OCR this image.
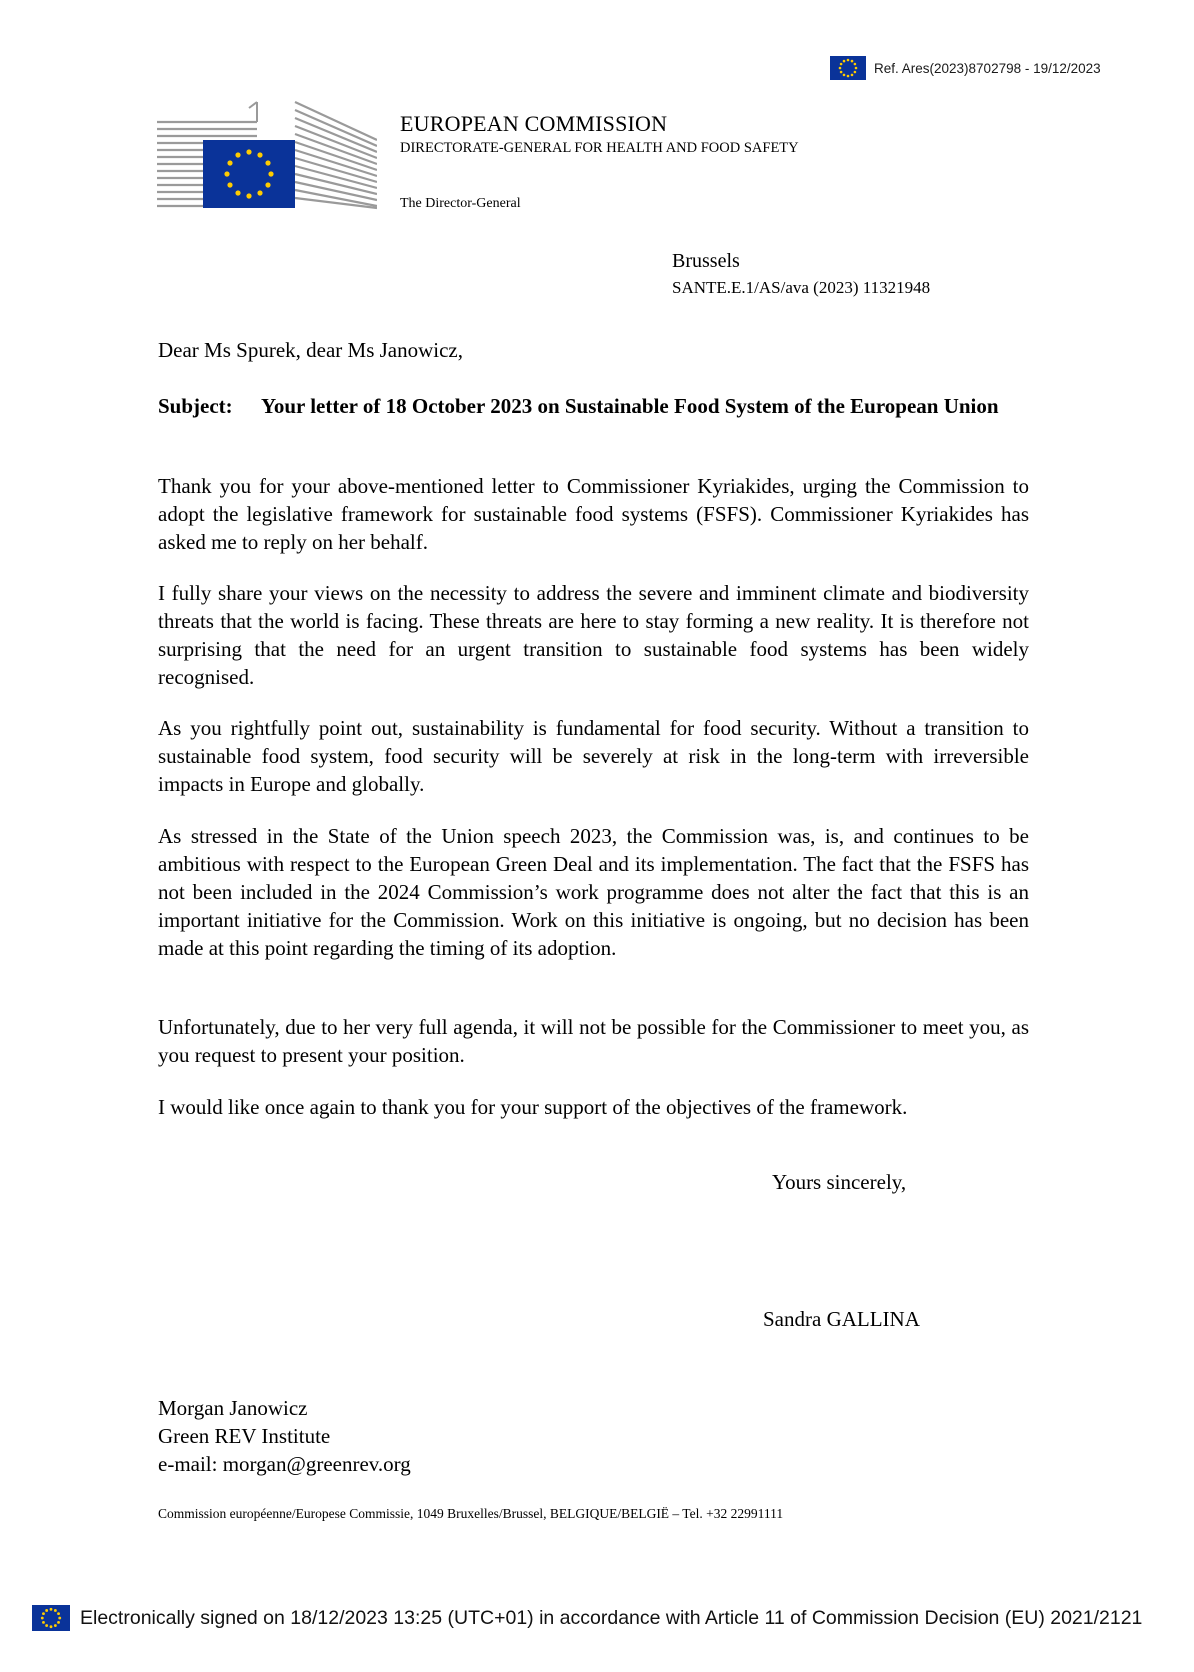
Ref. Ares(2023)8702798 - 19/12/2023
EUROPEAN COMMISSION
DIRECTORATE-GENERAL FOR HEALTH AND FOOD SAFETY
The Director-General
Brussels
SANTE.E.1/AS/ava (2023) 11321948
Dear Ms Spurek, dear Ms Janowicz,
Subject:	Your letter of 18 October 2023 on Sustainable Food System of the European Union
Thank you for your above-mentioned letter to Commissioner Kyriakides, urging the Commission to adopt the legislative framework for sustainable food systems (FSFS). Commissioner Kyriakides has asked me to reply on her behalf.
I fully share your views on the necessity to address the severe and imminent climate and biodiversity threats that the world is facing. These threats are here to stay forming a new reality. It is therefore not surprising that the need for an urgent transition to sustainable food systems has been widely recognised.
As you rightfully point out, sustainability is fundamental for food security. Without a transition to sustainable food system, food security will be severely at risk in the long-term with irreversible impacts in Europe and globally.
As stressed in the State of the Union speech 2023, the Commission was, is, and continues to be ambitious with respect to the European Green Deal and its implementation. The fact that the FSFS has not been included in the 2024 Commission’s work programme does not alter the fact that this is an important initiative for the Commission. Work on this initiative is ongoing, but no decision has been made at this point regarding the timing of its adoption.
Unfortunately, due to her very full agenda, it will not be possible for the Commissioner to meet you, as you request to present your position.
I would like once again to thank you for your support of the objectives of the framework.
Yours sincerely,
Sandra GALLINA
Morgan Janowicz
Green REV Institute
e-mail: morgan@greenrev.org
Commission européenne/Europese Commissie, 1049 Bruxelles/Brussel, BELGIQUE/BELGIË – Tel. +32 22991111
Electronically signed on 18/12/2023 13:25 (UTC+01) in accordance with Article 11 of Commission Decision (EU) 2021/2121
